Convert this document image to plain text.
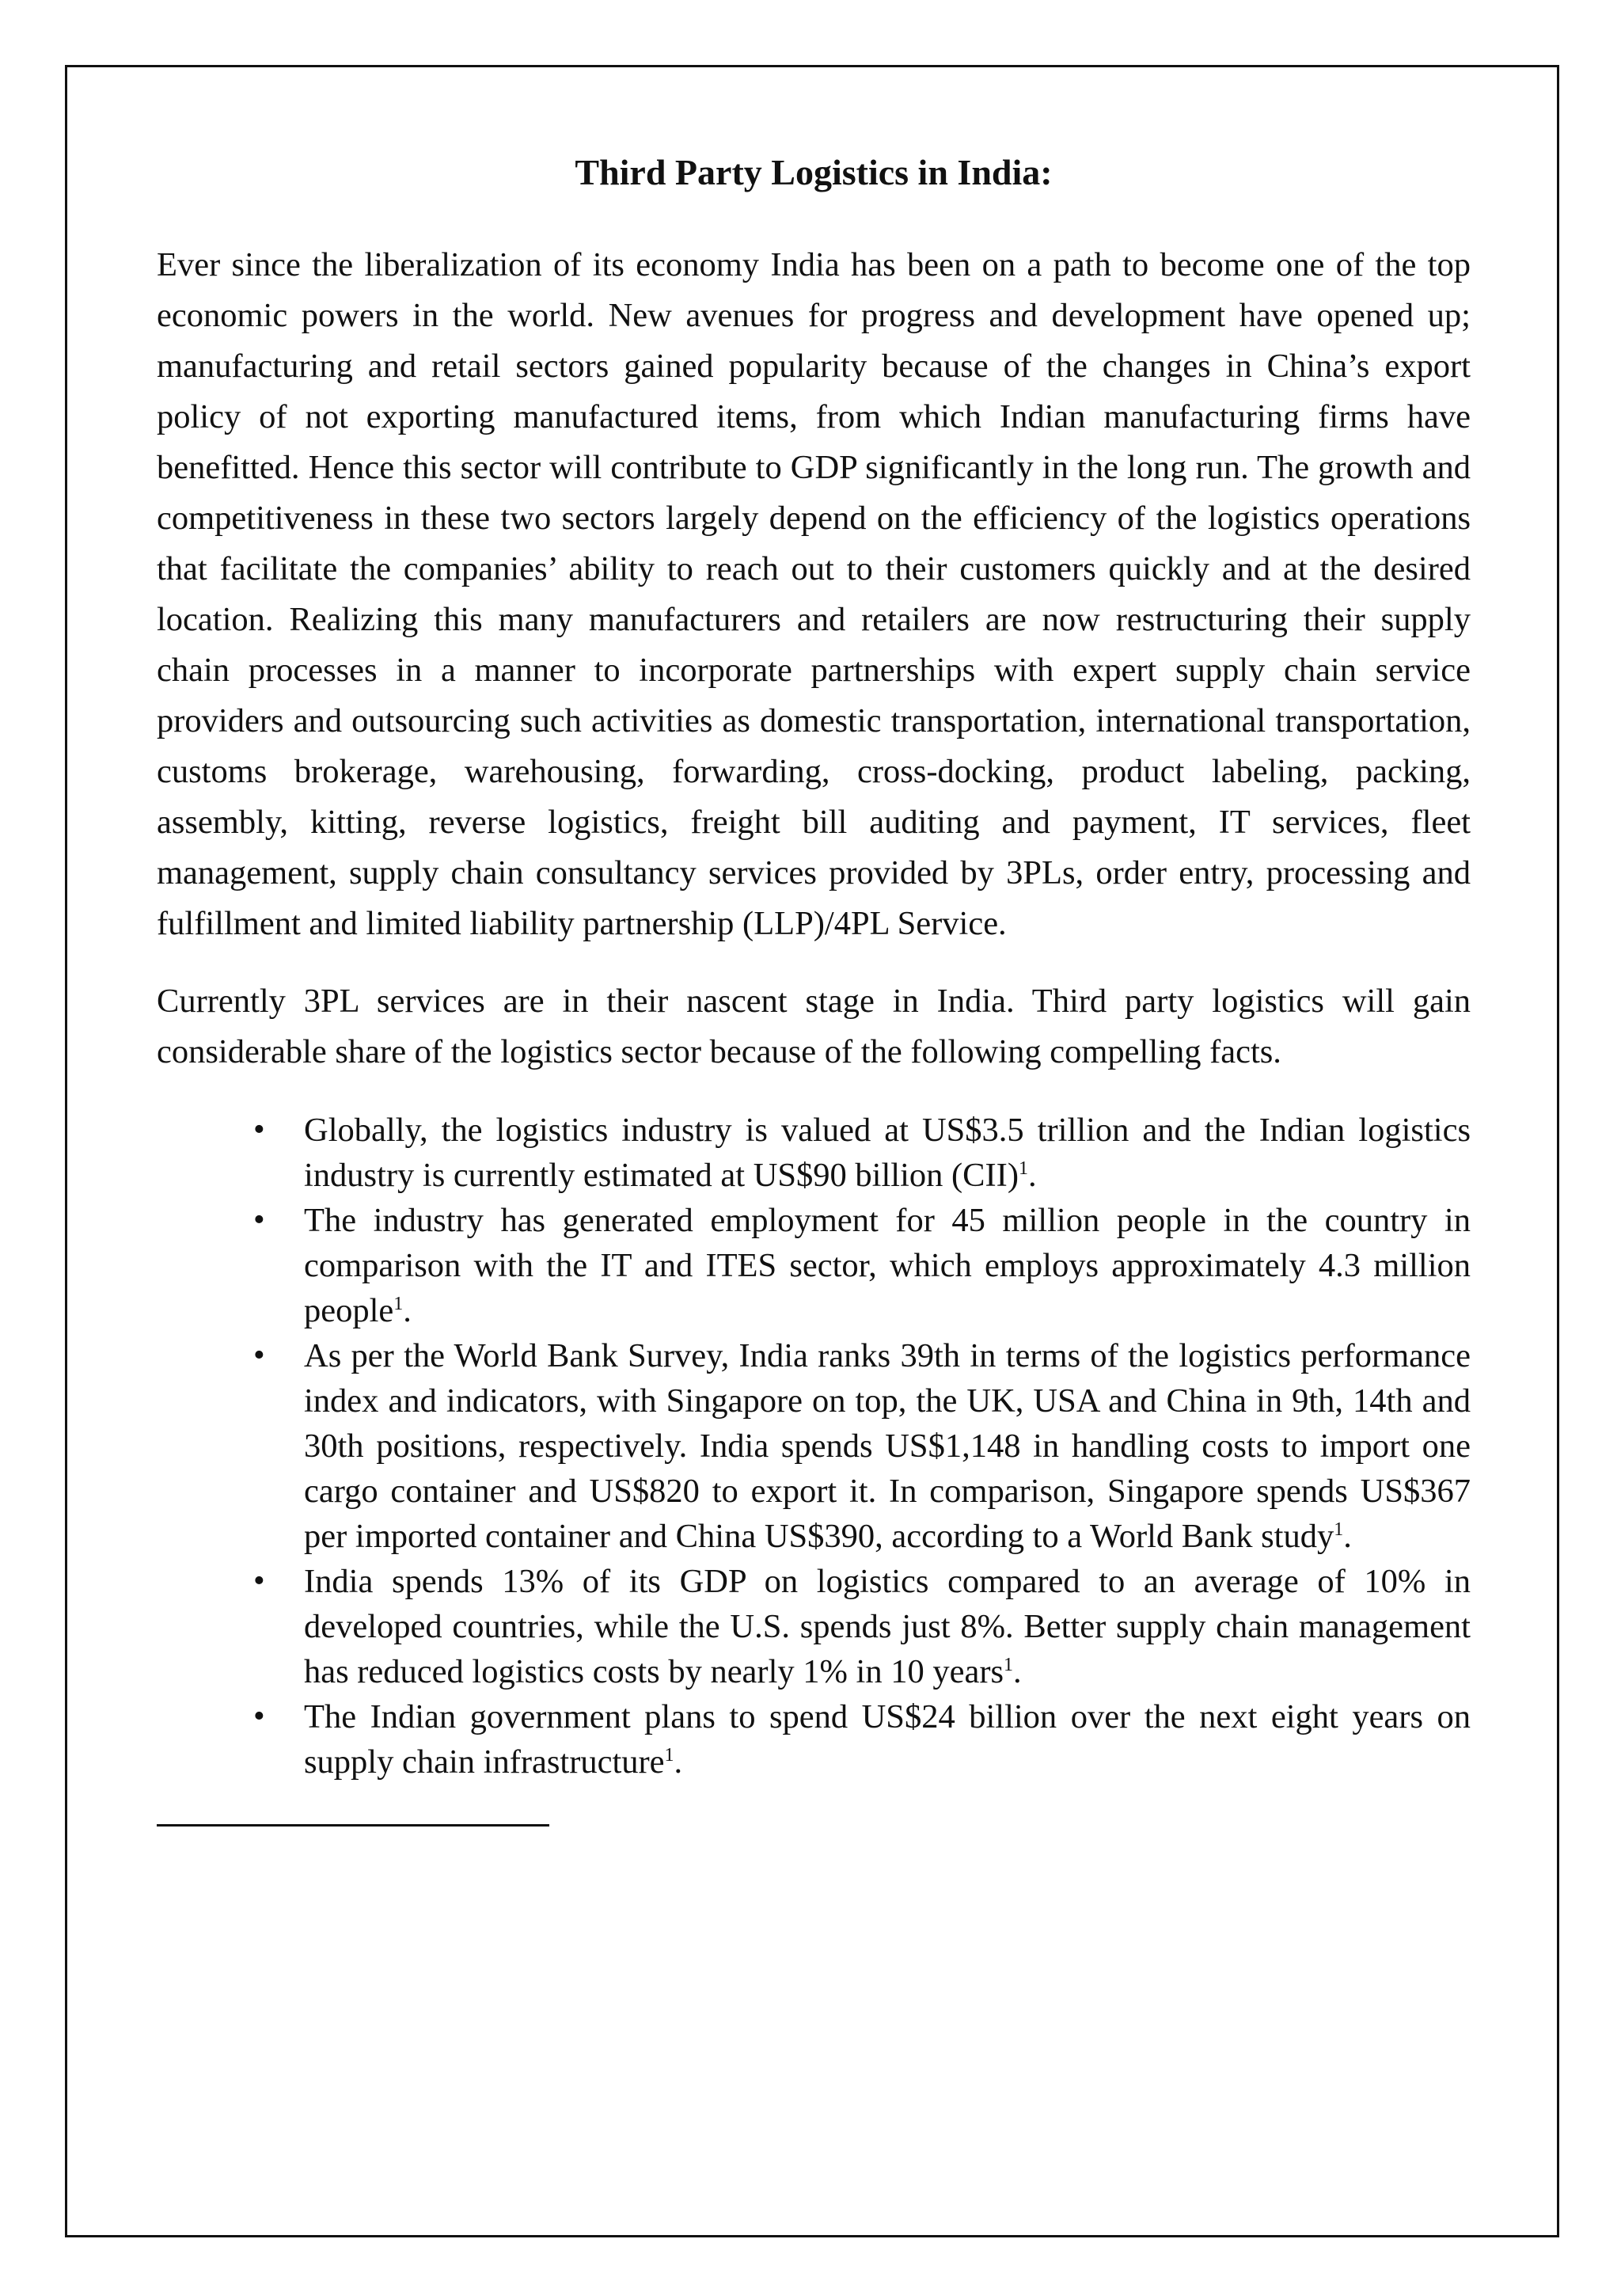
Third Party Logistics in India:

Ever since the liberalization of its economy India has been on a path to become one of the top economic powers in the world. New avenues for progress and development have opened up; manufacturing and retail sectors gained popularity because of the changes in China’s export policy of not exporting manufactured items, from which Indian manufacturing firms have benefitted. Hence this sector will contribute to GDP significantly in the long run. The growth and competitiveness in these two sectors largely depend on the efficiency of the logistics operations that facilitate the companies’ ability to reach out to their customers quickly and at the desired location. Realizing this many manufacturers and retailers are now restructuring their supply chain processes in a manner to incorporate partnerships with expert supply chain service providers and outsourcing such activities as domestic transportation, international transportation, customs brokerage, warehousing, forwarding, cross-docking, product labeling, packing, assembly, kitting, reverse logistics, freight bill auditing and payment, IT services, fleet management, supply chain consultancy services provided by 3PLs, order entry, processing and fulfillment and limited liability partnership (LLP)/4PL Service.

Currently 3PL services are in their nascent stage in India. Third party logistics will gain considerable share of the logistics sector because of the following compelling facts.

• Globally, the logistics industry is valued at US$3.5 trillion and the Indian logistics industry is currently estimated at US$90 billion (CII)$^1$.
• The industry has generated employment for 45 million people in the country in comparison with the IT and ITES sector, which employs approximately 4.3 million people$^1$.
• As per the World Bank Survey, India ranks 39th in terms of the logistics performance index and indicators, with Singapore on top, the UK, USA and China in 9th, 14th and 30th positions, respectively. India spends US$1,148 in handling costs to import one cargo container and US$820 to export it. In comparison, Singapore spends US$367 per imported container and China US$390, according to a World Bank study$^1$.
• India spends 13% of its GDP on logistics compared to an average of 10% in developed countries, while the U.S. spends just 8%. Better supply chain management has reduced logistics costs by nearly 1% in 10 years$^1$.
• The Indian government plans to spend US$24 billion over the next eight years on supply chain infrastructure$^1$.
